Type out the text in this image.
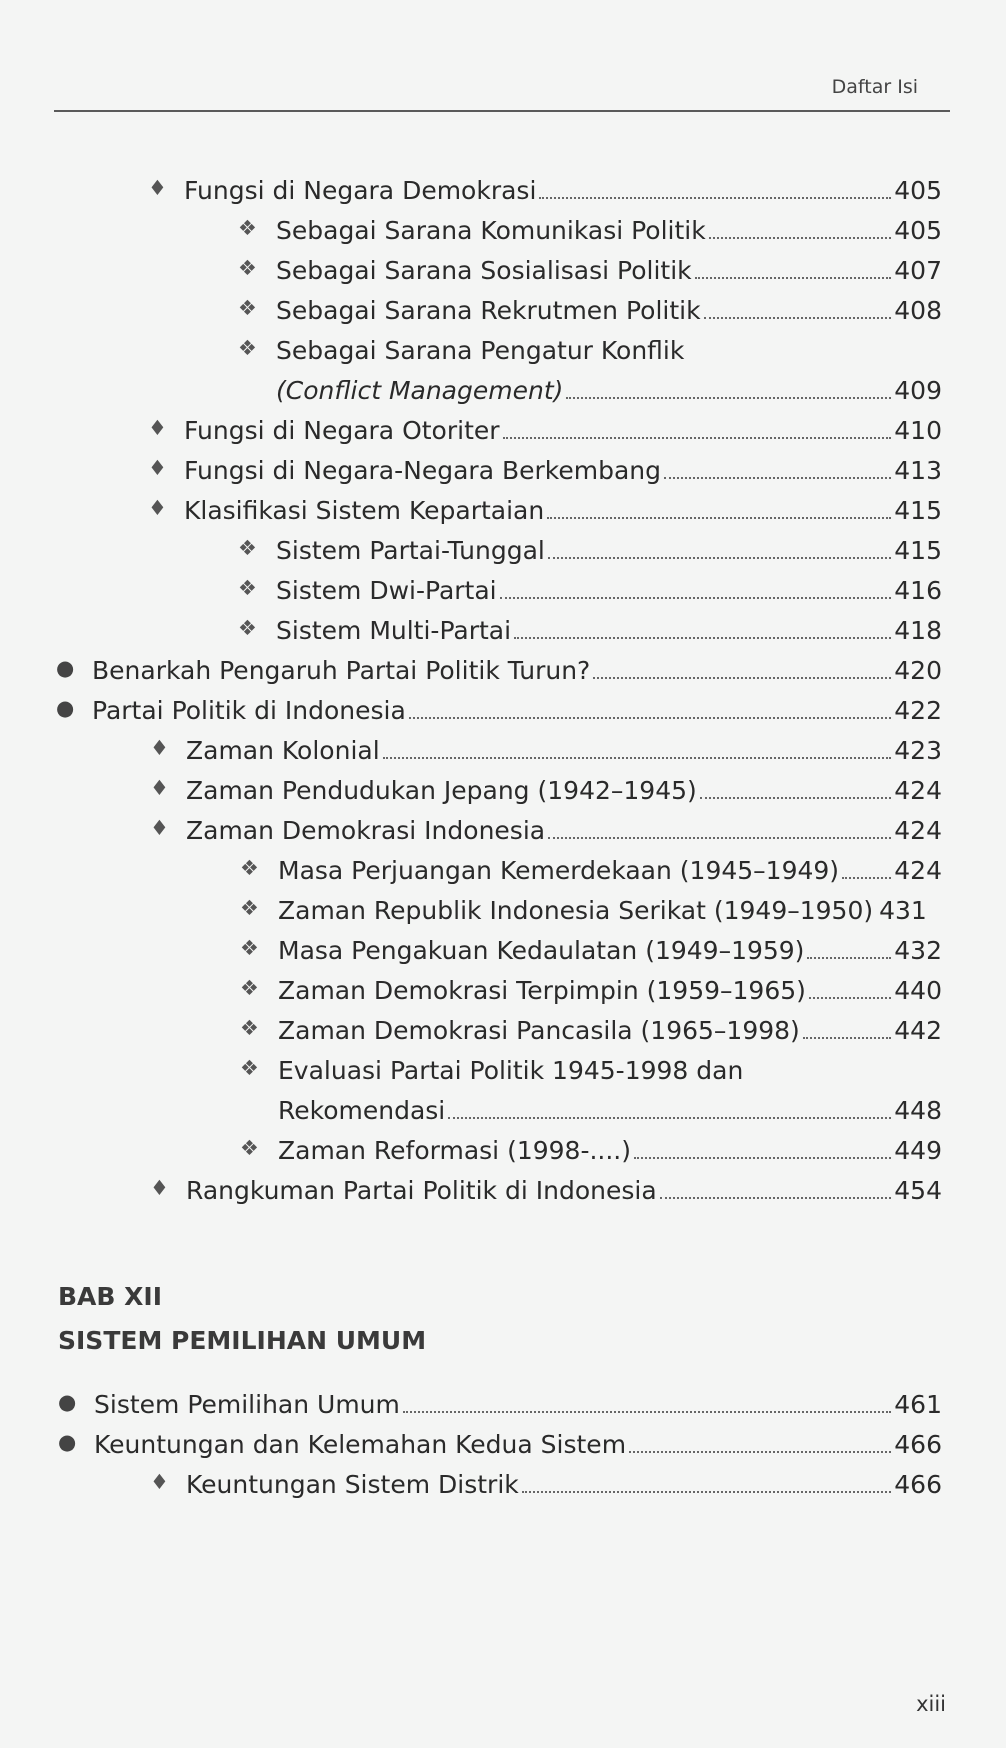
Daftar Isi
♦ Fungsi di Negara Demokrasi	405
❖ Sebagai Sarana Komunikasi Politik	405
❖ Sebagai Sarana Sosialisasi Politik	407
❖ Sebagai Sarana Rekrutmen Politik	408
❖ Sebagai Sarana Pengatur Konflik
(Conflict Management)	409
♦ Fungsi di Negara Otoriter	410
♦ Fungsi di Negara-Negara Berkembang	413
♦ Klasifikasi Sistem Kepartaian	415
❖ Sistem Partai-Tunggal	415
❖ Sistem Dwi-Partai	416
❖ Sistem Multi-Partai	418
● Benarkah Pengaruh Partai Politik Turun?	420
● Partai Politik di Indonesia	422
♦ Zaman Kolonial	423
♦ Zaman Pendudukan Jepang (1942–1945)	424
♦ Zaman Demokrasi Indonesia	424
❖ Masa Perjuangan Kemerdekaan (1945–1949) 424
❖ Zaman Republik Indonesia Serikat (1949–1950) 431
❖ Masa Pengakuan Kedaulatan (1949–1959)	432
❖ Zaman Demokrasi Terpimpin (1959–1965)	440
❖ Zaman Demokrasi Pancasila (1965–1998)	442
❖ Evaluasi Partai Politik 1945-1998 dan
Rekomendasi	448
❖ Zaman Reformasi (1998-....)	449
♦ Rangkuman Partai Politik di Indonesia	454
BAB XII
SISTEM PEMILIHAN UMUM
● Sistem Pemilihan Umum	461
● Keuntungan dan Kelemahan Kedua Sistem	466
♦ Keuntungan Sistem Distrik	466
xiii
